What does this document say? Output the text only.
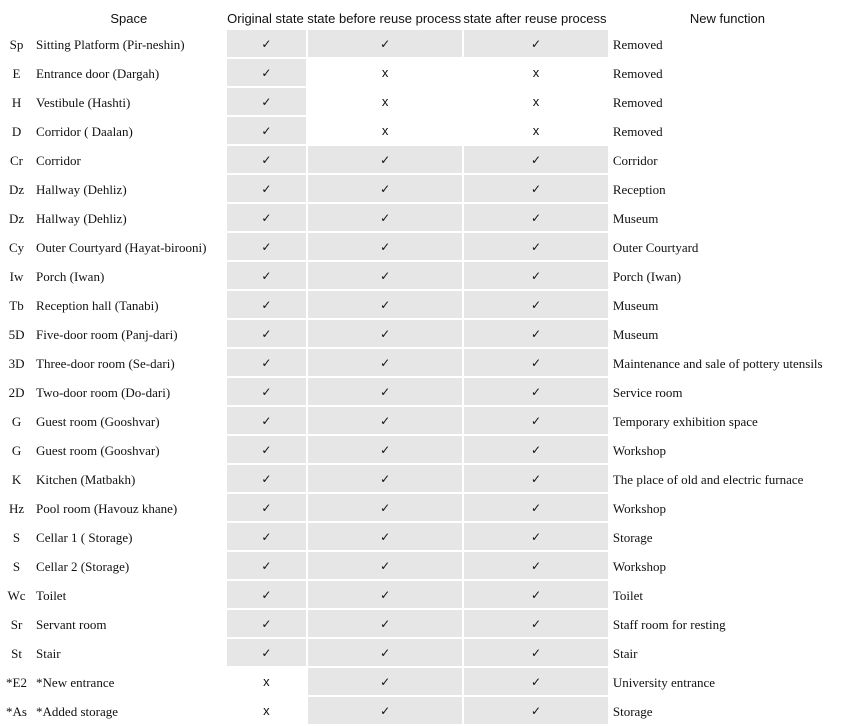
	Space	Original state	state before reuse process	state after reuse process	New function
Sp	Sitting Platform (Pir-neshin)	✓	✓	✓	Removed
E	Entrance door (Dargah)	✓	x	x	Removed
H	Vestibule (Hashti)	✓	x	x	Removed
D	Corridor ( Daalan)	✓	x	x	Removed
Cr	Corridor	✓	✓	✓	Corridor
Dz	Hallway (Dehliz)	✓	✓	✓	Reception
Dz	Hallway (Dehliz)	✓	✓	✓	Museum
Cy	Outer Courtyard (Hayat-birooni)	✓	✓	✓	Outer Courtyard
Iw	Porch (Iwan)	✓	✓	✓	Porch (Iwan)
Tb	Reception hall (Tanabi)	✓	✓	✓	Museum
5D	Five-door room (Panj-dari)	✓	✓	✓	Museum
3D	Three-door room (Se-dari)	✓	✓	✓	Maintenance and sale of pottery utensils
2D	Two-door room (Do-dari)	✓	✓	✓	Service room
G	Guest room (Gooshvar)	✓	✓	✓	Temporary exhibition space
G	Guest room (Gooshvar)	✓	✓	✓	Workshop
K	Kitchen (Matbakh)	✓	✓	✓	The place of old and electric furnace
Hz	Pool room (Havouz khane)	✓	✓	✓	Workshop
S	Cellar 1 ( Storage)	✓	✓	✓	Storage
S	Cellar 2 (Storage)	✓	✓	✓	Workshop
Wc	Toilet	✓	✓	✓	Toilet
Sr	Servant room	✓	✓	✓	Staff room for resting
St	Stair	✓	✓	✓	Stair
*E2	*New entrance	x	✓	✓	University entrance
*As	*Added storage	x	✓	✓	Storage
